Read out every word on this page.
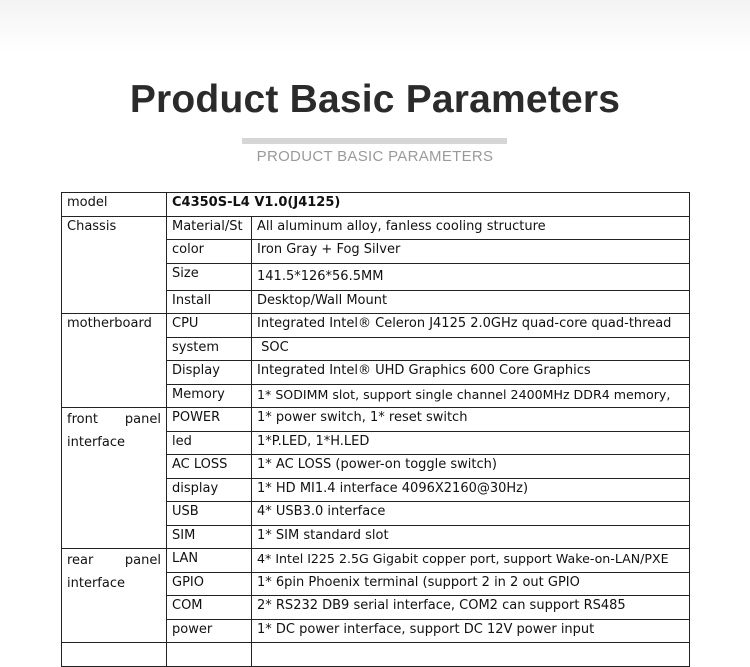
Product Basic Parameters
PRODUCT BASIC PARAMETERS
model	C4350S-L4 V1.0(J4125)	
Chassis	Material/St	All aluminum alloy, fanless cooling structure
	color	Iron Gray + Fog Silver
	Size	141.5*126*56.5MM
	Install	Desktop/Wall Mount
motherboard	CPU	Integrated Intel® Celeron J4125 2.0GHz quad-core quad-thread
	system	SOC
	Display	Integrated Intel® UHD Graphics 600 Core Graphics
	Memory	1* SODIMM slot, support single channel 2400MHz DDR4 memory,
front panel interface	POWER	1* power switch, 1* reset switch
	led	1*P.LED, 1*H.LED
	AC LOSS	1* AC LOSS (power-on toggle switch)
	display	1* HD MI1.4 interface 4096X2160@30Hz)
	USB	4* USB3.0 interface
	SIM	1* SIM standard slot
rear panel interface	LAN	4* Intel I225 2.5G Gigabit copper port, support Wake-on-LAN/PXE
	GPIO	1* 6pin Phoenix terminal (support 2 in 2 out GPIO
	COM	2* RS232 DB9 serial interface, COM2 can support RS485
	power	1* DC power interface, support DC 12V power input
